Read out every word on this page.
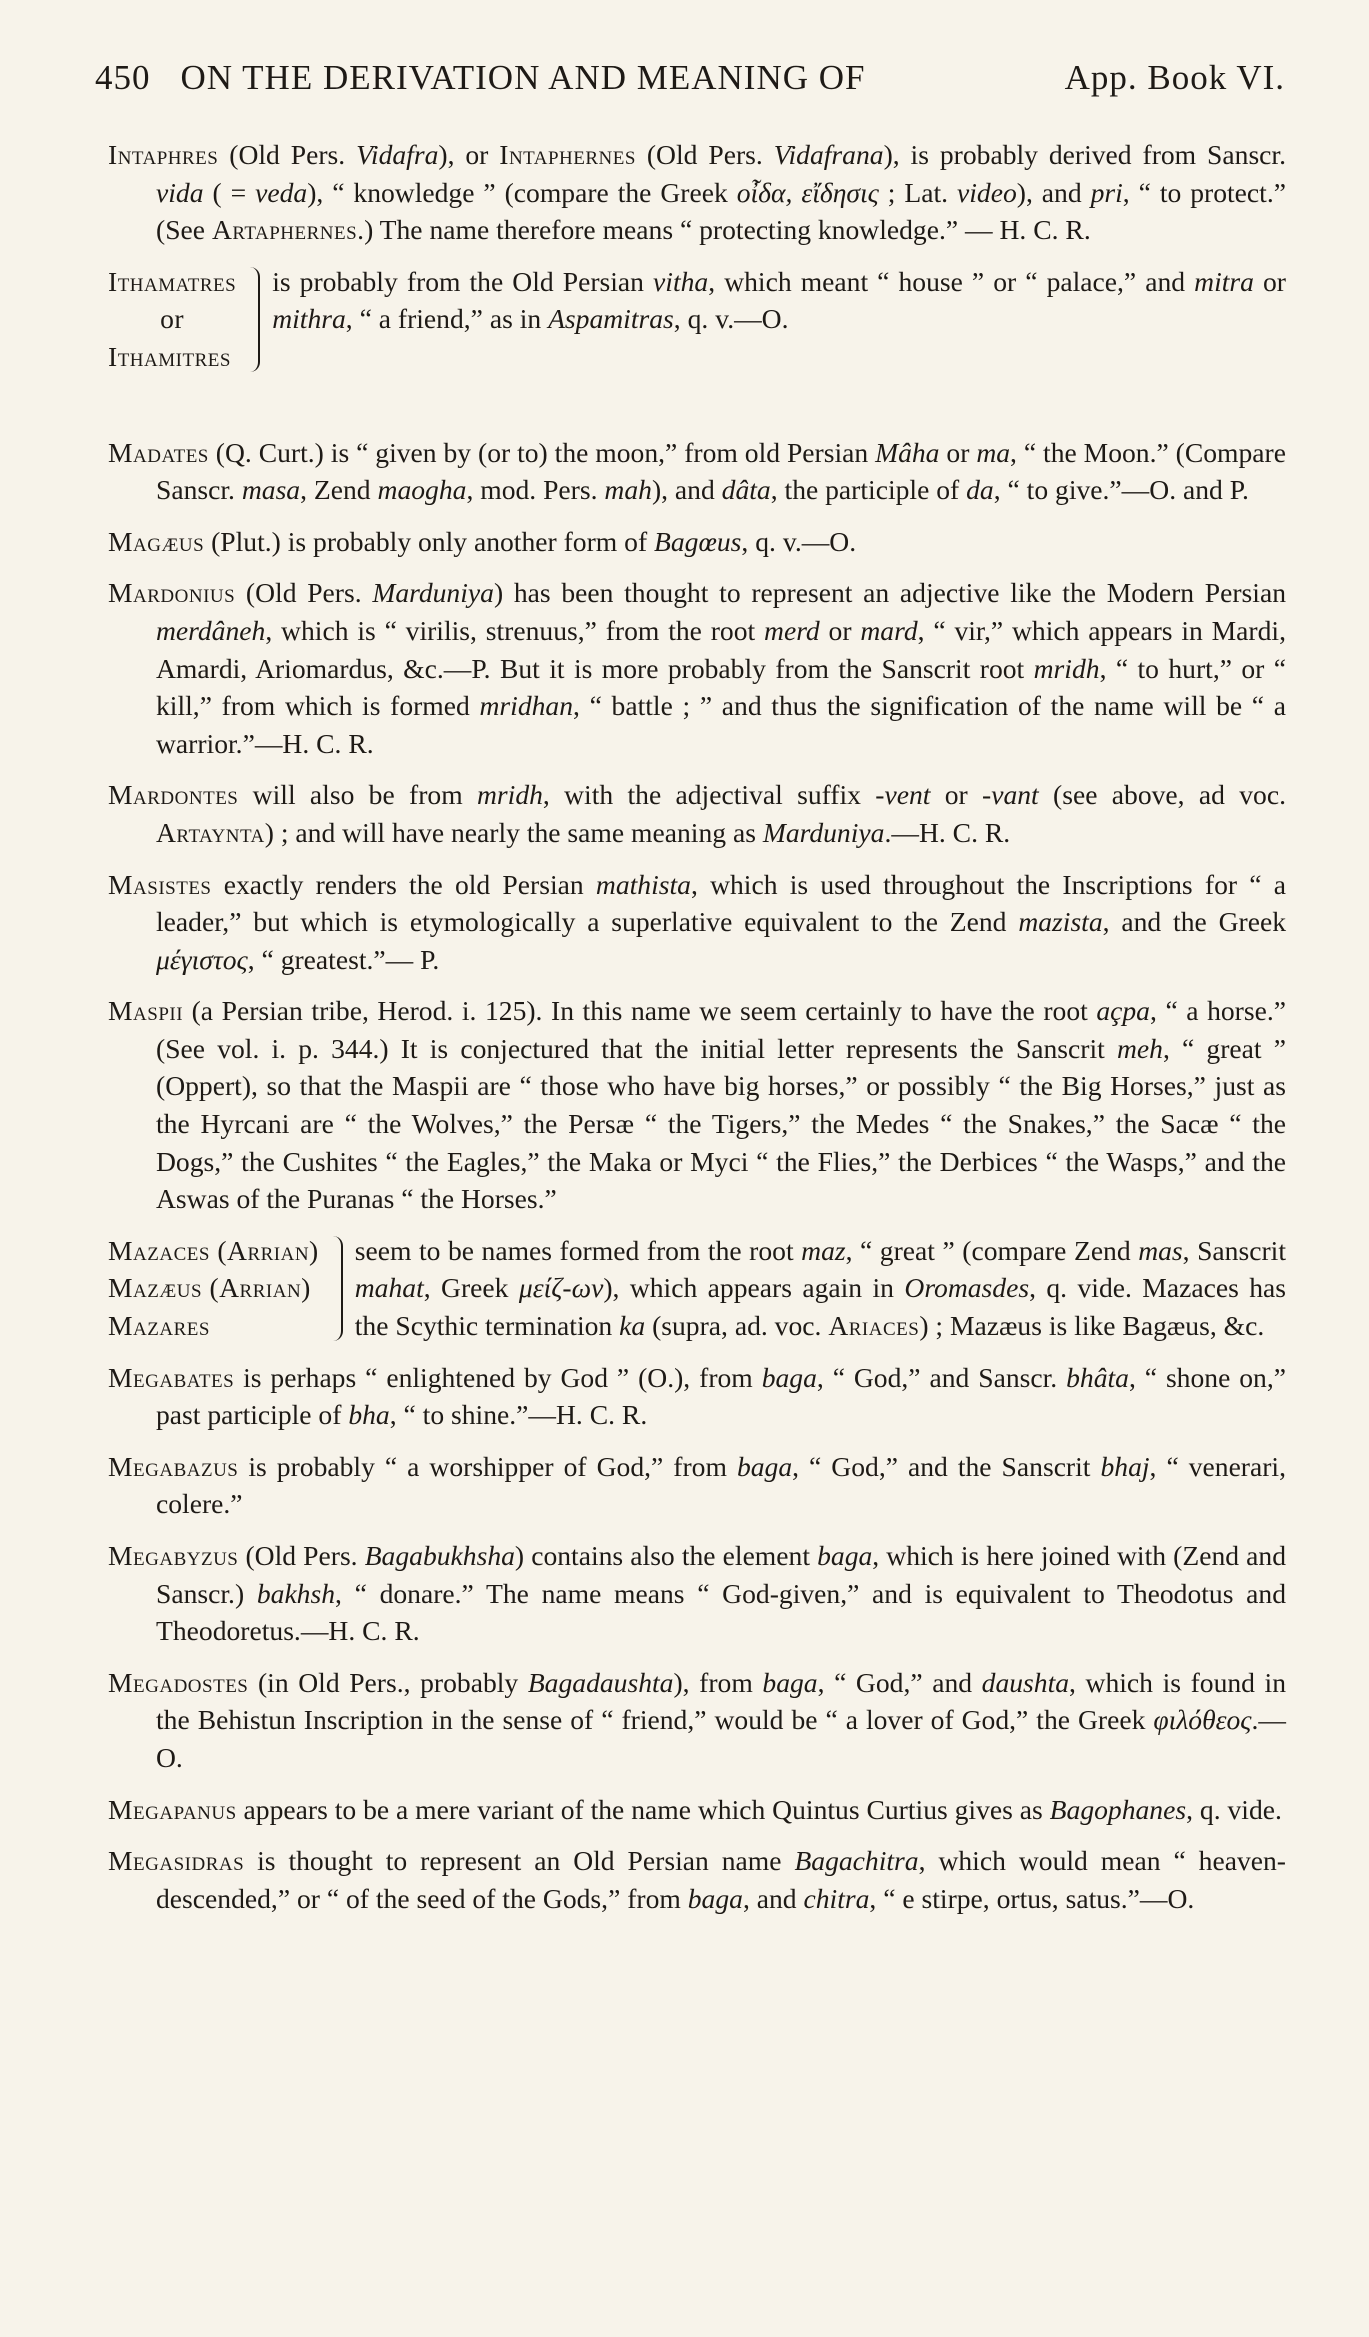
450 ON THE DERIVATION AND MEANING OF	App. Book VI.

Intaphres (Old Pers. Vidafra), or Intaphernes (Old Pers. Vidafrana), is probably derived from Sanscr. vida ( = veda), “ knowledge ” (compare the Greek οἶδα, εἴδησις ; Lat. video), and pri, “ to protect.” (See Artaphernes.) The name therefore means “ protecting knowledge.” — H. C. R.

Ithamatres
or
Ithamitres
is probably from the Old Persian vitha, which meant “ house ” or “ palace,” and mitra or mithra, “ a friend,” as in Aspamitras, q. v.—O.

Madates (Q. Curt.) is “ given by (or to) the moon,” from old Persian Mâha or ma, “ the Moon.” (Compare Sanscr. masa, Zend maogha, mod. Pers. mah), and dâta, the participle of da, “ to give.”—O. and P.

Magæus (Plut.) is probably only another form of Bagœus, q. v.—O.

Mardonius (Old Pers. Marduniya) has been thought to represent an adjective like the Modern Persian merdâneh, which is “ virilis, strenuus,” from the root merd or mard, “ vir,” which appears in Mardi, Amardi, Ariomardus, &c.—P. But it is more probably from the Sanscrit root mridh, “ to hurt,” or “ kill,” from which is formed mridhan, “ battle ; ” and thus the signification of the name will be “ a warrior.”—H. C. R.

Mardontes will also be from mridh, with the adjectival suffix -vent or -vant (see above, ad voc. Artaynta) ; and will have nearly the same meaning as Marduniya.—H. C. R.

Masistes exactly renders the old Persian mathista, which is used throughout the Inscriptions for “ a leader,” but which is etymologically a superlative equivalent to the Zend mazista, and the Greek μέγιστος, “ greatest.”— P.

Maspii (a Persian tribe, Herod. i. 125). In this name we seem certainly to have the root açpa, “ a horse.” (See vol. i. p. 344.) It is conjectured that the initial letter represents the Sanscrit meh, “ great ” (Oppert), so that the Maspii are “ those who have big horses,” or possibly “ the Big Horses,” just as the Hyrcani are “ the Wolves,” the Persæ “ the Tigers,” the Medes “ the Snakes,” the Sacæ “ the Dogs,” the Cushites “ the Eagles,” the Maka or Myci “ the Flies,” the Derbices “ the Wasps,” and the Aswas of the Puranas “ the Horses.”

Mazaces (Arrian)
Mazæus (Arrian)
Mazares
seem to be names formed from the root maz, “ great ” (compare Zend mas, Sanscrit mahat, Greek μείζ-ων), which appears again in Oromasdes, q. vide. Mazaces has the Scythic termination ka (supra, ad. voc. Ariaces) ; Mazæus is like Bagæus, &c.

Megabates is perhaps “ enlightened by God ” (O.), from baga, “ God,” and Sanscr. bhâta, “ shone on,” past participle of bha, “ to shine.”—H. C. R.

Megabazus is probably “ a worshipper of God,” from baga, “ God,” and the Sanscrit bhaj, “ venerari, colere.”

Megabyzus (Old Pers. Bagabukhsha) contains also the element baga, which is here joined with (Zend and Sanscr.) bakhsh, “ donare.” The name means “ God-given,” and is equivalent to Theodotus and Theodoretus.—H. C. R.

Megadostes (in Old Pers., probably Bagadaushta), from baga, “ God,” and daushta, which is found in the Behistun Inscription in the sense of “ friend,” would be “ a lover of God,” the Greek φιλόθεος.—O.

Megapanus appears to be a mere variant of the name which Quintus Curtius gives as Bagophanes, q. vide.

Megasidras is thought to represent an Old Persian name Bagachitra, which would mean “ heaven-descended,” or “ of the seed of the Gods,” from baga, and chitra, “ e stirpe, ortus, satus.”—O.
